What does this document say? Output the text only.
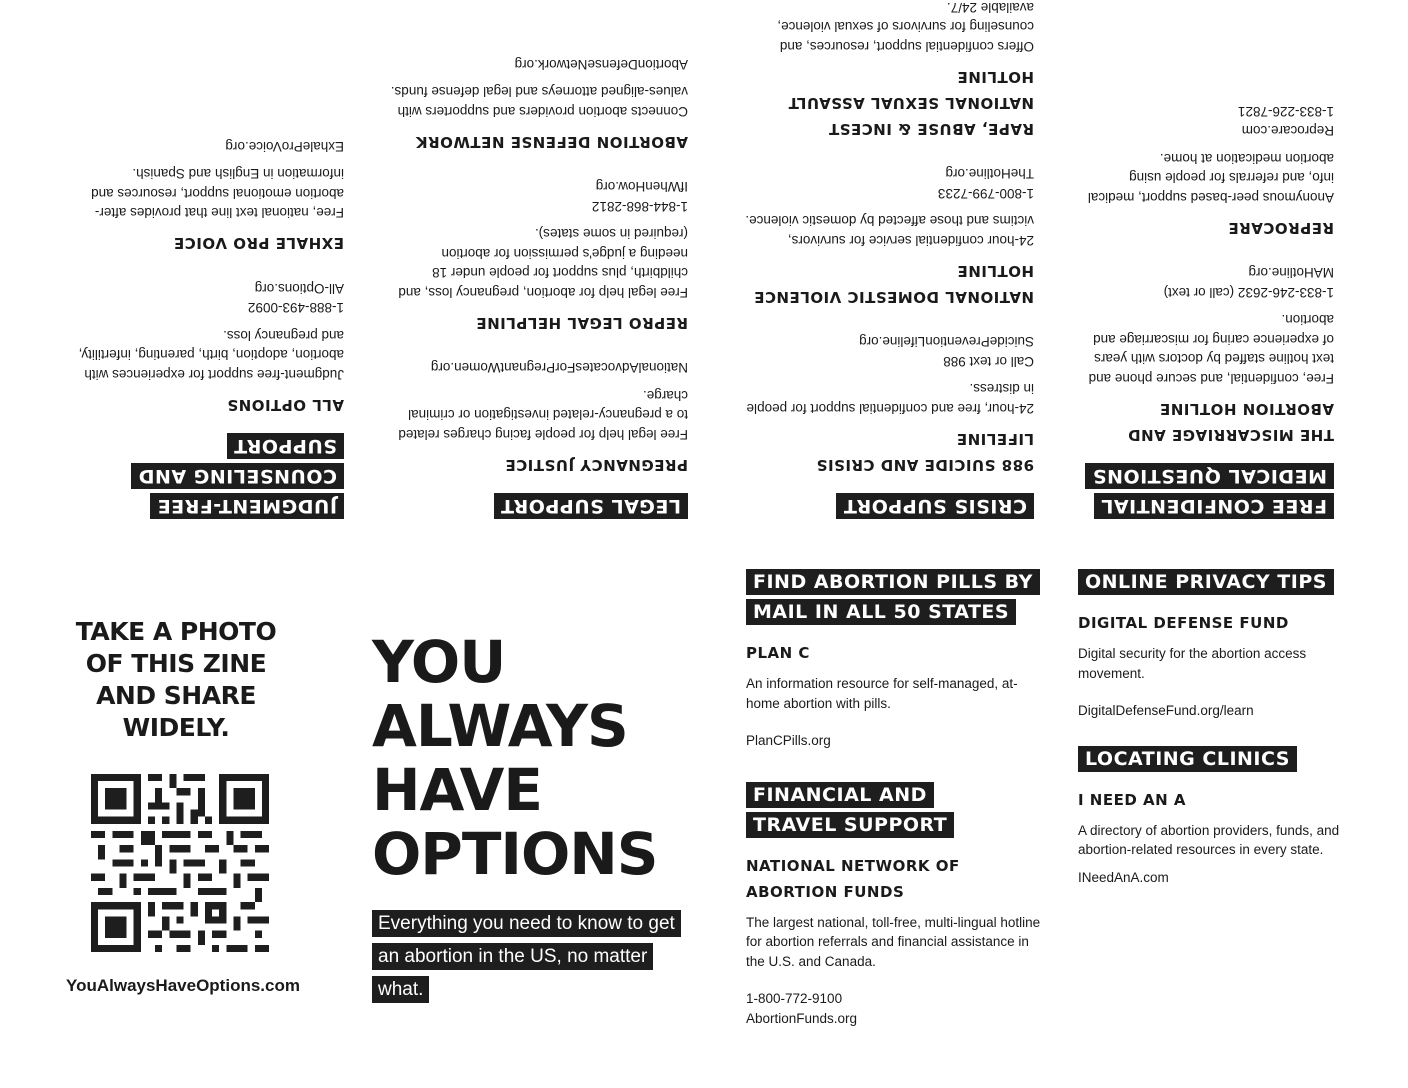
JUDGMENT-FREE COUNSELING AND SUPPORT
ALL OPTIONS
Judgment-free support for experiences with abortion, adoption, birth, parenting, infertility, and pregnancy loss.
1-888-493-0092
All-Options.org
EXHALE PRO VOICE
Free, national text line that provides after-abortion emotional support, resources and information in English and Spanish.
ExhaleProVoice.org
LEGAL SUPPORT
PREGNANCY JUSTICE
Free legal help for people facing charges related to a pregnancy-related investigation or criminal charge.
NationalAdvocatesForPregnantWomen.org
REPRO LEGAL HELPLINE
Free legal help for abortion, pregnancy loss, and childbirth, plus support for people under 18 needing a judge's permission for abortion (required in some states).
1-844-868-2812
IfWhenHow.org
ABORTION DEFENSE NETWORK
Connects abortion providers and supporters with values-aligned attorneys and legal defense funds.
AbortionDefenseNetwork.org
CRISIS SUPPORT
988 SUICIDE AND CRISIS LIFELINE
24-hour, free and confidential support for people in distress.
Call or text 988
SuicidePreventionLifeline.org
NATIONAL DOMESTIC VIOLENCE HOTLINE
24-hour confidential service for survivors, victims and those affected by domestic violence.
1-800-799-7233
TheHotline.org
RAPE, ABUSE & INCEST NATIONAL SEXUAL ASSAULT HOTLINE
Offers confidential support, resources, and counseling for survivors of sexual violence, available 24/7.
FREE CONFIDENTIAL MEDICAL QUESTIONS
THE MISCARRIAGE AND ABORTION HOTLINE
Free, confidential, and secure phone and text hotline staffed by doctors with years of experience caring for miscarriage and abortion.
1-833-246-2632 (call or text)
MAHotline.org
REPROCARE
Anonymous peer-based support, medical info, and referrals for people using abortion medication at home.
Reprocare.com
1-833-226-7821
TAKE A PHOTO OF THIS ZINE AND SHARE WIDELY.
YouAlwaysHaveOptions.com
YOU
ALWAYS
HAVE
OPTIONS
Everything you need to know to get an abortion in the US, no matter what.
FIND ABORTION PILLS BY MAIL IN ALL 50 STATES
PLAN C
An information resource for self-managed, at-home abortion with pills.
PlanCPills.org
FINANCIAL AND TRAVEL SUPPORT
NATIONAL NETWORK OF ABORTION FUNDS
The largest national, toll-free, multi-lingual hotline for abortion referrals and financial assistance in the U.S. and Canada.
1-800-772-9100
AbortionFunds.org
ONLINE PRIVACY TIPS
DIGITAL DEFENSE FUND
Digital security for the abortion access movement.
DigitalDefenseFund.org/learn
LOCATING CLINICS
I NEED AN A
A directory of abortion providers, funds, and abortion-related resources in every state.
INeedAnA.com
